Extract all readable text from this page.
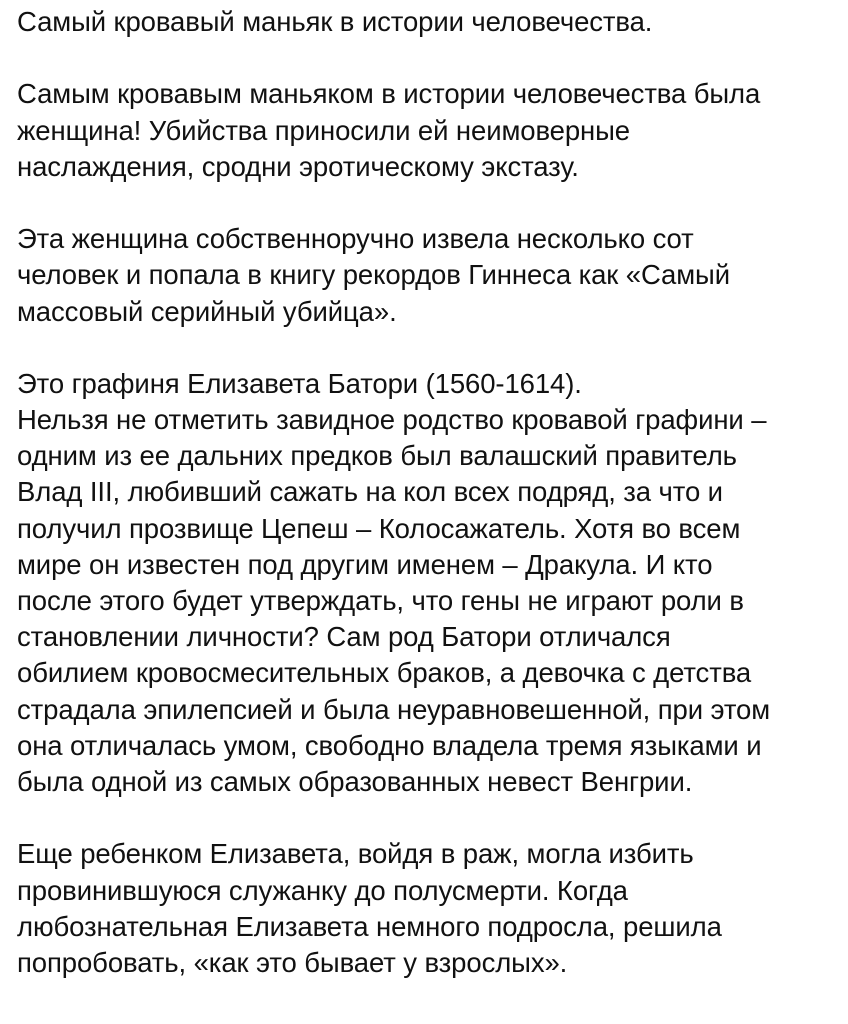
Самый кровавый маньяк в истории человечества.
Самым кровавым маньяком в истории человечества была
женщина! Убийства приносили ей неимоверные
наслаждения, сродни эротическому экстазу.
Эта женщина собственноручно извела несколько сот
человек и попала в книгу рекордов Гиннеса как «Самый
массовый серийный убийца».
Это графиня Елизавета Батори (1560-1614).
Нельзя не отметить завидное родство кровавой графини –
одним из ее дальних предков был валашский правитель
Влад III, любивший сажать на кол всех подряд, за что и
получил прозвище Цепеш – Колосажатель. Хотя во всем
мире он известен под другим именем – Дракула. И кто
после этого будет утверждать, что гены не играют роли в
становлении личности? Сам род Батори отличался
обилием кровосмесительных браков, а девочка с детства
страдала эпилепсией и была неуравновешенной, при этом
она отличалась умом, свободно владела тремя языками и
была одной из самых образованных невест Венгрии.
Еще ребенком Елизавета, войдя в раж, могла избить
провинившуюся служанку до полусмерти. Когда
любознательная Елизавета немного подросла, решила
попробовать, «как это бывает у взрослых».
